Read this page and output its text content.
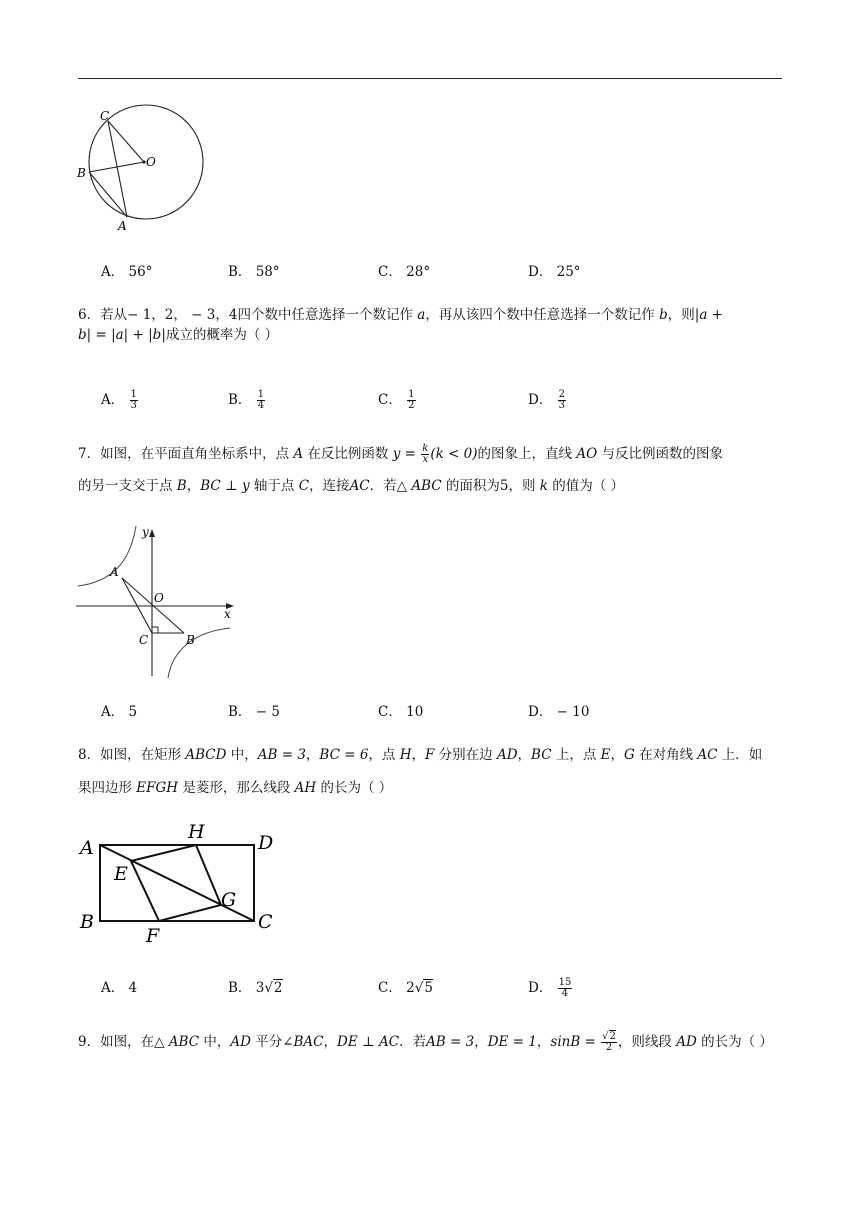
C
O
B
A
A． 56°	B． 58°	C． 28°	D． 25°
6．若从− 1，2， − 3，4四个数中任意选择一个数记作 a，再从该四个数中任意选择一个数记作 b，则|a +
b| = |a| + |b|成立的概率为（ ）
A． $\frac{1}{3}$	B． $\frac{1}{4}$	C． $\frac{1}{2}$	D． $\frac{2}{3}$
7．如图，在平面直角坐标系中，点 A 在反比例函数 $y = \frac{k}{x} (k < 0)$的图象上，直线 AO 与反比例函数的图象
的另一支交于点 B，BC ⊥ y 轴于点 C，连接AC．若△ ABC 的面积为5，则 k 的值为（ ）
y
A
O
x
C	B
A． 5	B． − 5	C． 10	D． − 10
8．如图，在矩形 ABCD 中，AB = 3，BC = 6，点 H，F 分别在边 AD，BC 上，点 E，G 在对角线 AC 上．如
果四边形 EFGH 是菱形，那么线段 AH 的长为（ ）
A
H	D
E
G
B
F
C
A． 4	B． 3√2	C． 2√5	D． $\frac{15}{4}$
9．如图，在△ ABC 中，AD 平分∠BAC，DE ⊥ AC．若AB = 3，DE = 1，$\sin B = \frac{√2}{2}$ ，则线段 AD 的长为（ ）
